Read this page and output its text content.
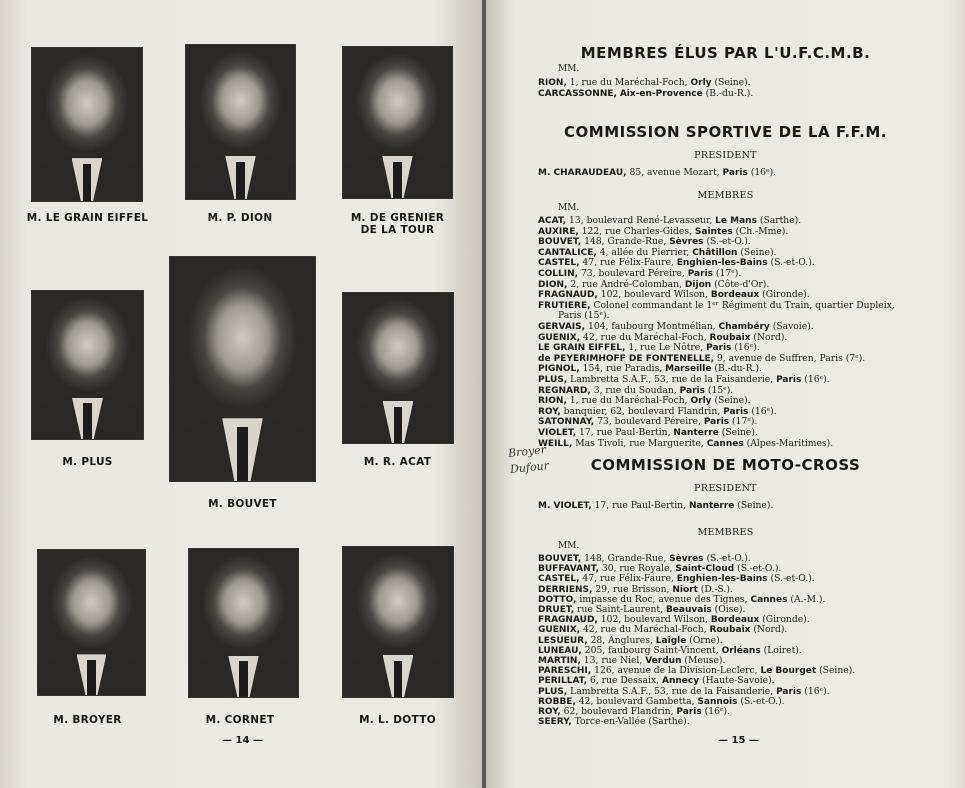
M. LE GRAIN EIFFEL	M. P. DION	M. DE GRENIER
DE LA TOUR
M. PLUS
M. BOUVET
M. R. ACAT
M. BROYER	M. CORNET	M. L. DOTTO
— 14 —
MEMBRES ÉLUS PAR L'U.F.C.M.B.
MM.
RION, 1, rue du Maréchal-Foch, Orly (Seine).
CARCASSONNE, Aix-en-Provence (B.-du-R.).
COMMISSION SPORTIVE DE LA F.F.M.
PRESIDENT
M. CHARAUDEAU, 85, avenue Mozart, Paris (16ᵉ).
MEMBRES
MM.
ACAT, 13, boulevard René-Levasseur, Le Mans (Sarthe).
AUXIRE, 122, rue Charles-Gides, Saintes (Ch.-Mme).
BOUVET, 148, Grande-Rue, Sèvres (S.-et-O.).
CANTALICE, 4, allée du Pierrier, Châtillon (Seine).
CASTEL, 47, rue Félix-Faure, Enghien-les-Bains (S.-et-O.).
COLLIN, 73, boulevard Péreire, Paris (17ᵉ).
DION, 2, rue André-Colomban, Dijon (Côte-d'Or).
FRAGNAUD, 102, boulevard Wilson, Bordeaux (Gironde).
FRUTIERE, Colonel commandant le 1ᵉʳ Régiment du Train, quartier Dupleix,
Paris (15ᵉ).
GERVAIS, 104, faubourg Montmélian, Chambéry (Savoie).
GUENIX, 42, rue du Maréchal-Foch, Roubaix (Nord).
LE GRAIN EIFFEL, 1, rue Le Nôtre, Paris (16ᵉ).
de PEYERIMHOFF DE FONTENELLE, 9, avenue de Suffren, Paris (7ᵉ).
PIGNOL, 154, rue Paradis, Marseille (B.-du-R.).
PLUS, Lambretta S.A.F., 53, rue de la Faisanderie, Paris (16ᵉ).
REGNARD, 3, rue du Soudan, Paris (15ᵉ).
RION, 1, rue du Maréchal-Foch, Orly (Seine).
ROY, banquier, 62, boulevard Flandrin, Paris (16ᵉ).
SATONNAY, 73, boulevard Péreire, Paris (17ᵉ).
VIOLET, 17, rue Paul-Bertin, Nanterre (Seine).
WEILL, Mas Tivoli, rue Marguerite, Cannes (Alpes-Maritimes).
COMMISSION DE MOTO-CROSS
PRESIDENT
M. VIOLET, 17, rue Paul-Bertin, Nanterre (Seine).
MEMBRES
MM.
BOUVET, 148, Grande-Rue, Sèvres (S.-et-O.).
BUFFAVANT, 30, rue Royale, Saint-Cloud (S.-et-O.).
CASTEL, 47, rue Félix-Faure, Enghien-les-Bains (S.-et-O.).
DERRIENS, 29, rue Brisson, Niort (D.-S.).
DOTTO, impasse du Roc, avenue des Tignes, Cannes (A.-M.).
DRUET, rue Saint-Laurent, Beauvais (Oise).
FRAGNAUD, 102, boulevard Wilson, Bordeaux (Gironde).
GUENIX, 42, rue du Maréchal-Foch, Roubaix (Nord).
LESUEUR, 28, Anglures, Laigle (Orne).
LUNEAU, 205, faubourg Saint-Vincent, Orléans (Loiret).
MARTIN, 13, rue Niel, Verdun (Meuse).
PARESCHI, 126, avenue de la Division-Leclerc, Le Bourget (Seine).
PERILLAT, 6, rue Dessaix, Annecy (Haute-Savoie).
PLUS, Lambretta S.A.F., 53, rue de la Faisanderie, Paris (16ᵉ).
ROBBE, 42, boulevard Gambetta, Sannois (S.-et-O.).
ROY, 62, boulevard Flandrin, Paris (16ᵉ).
SEERY, Torce-en-Vallée (Sarthe).
— 15 —
Broyer
Dufour
